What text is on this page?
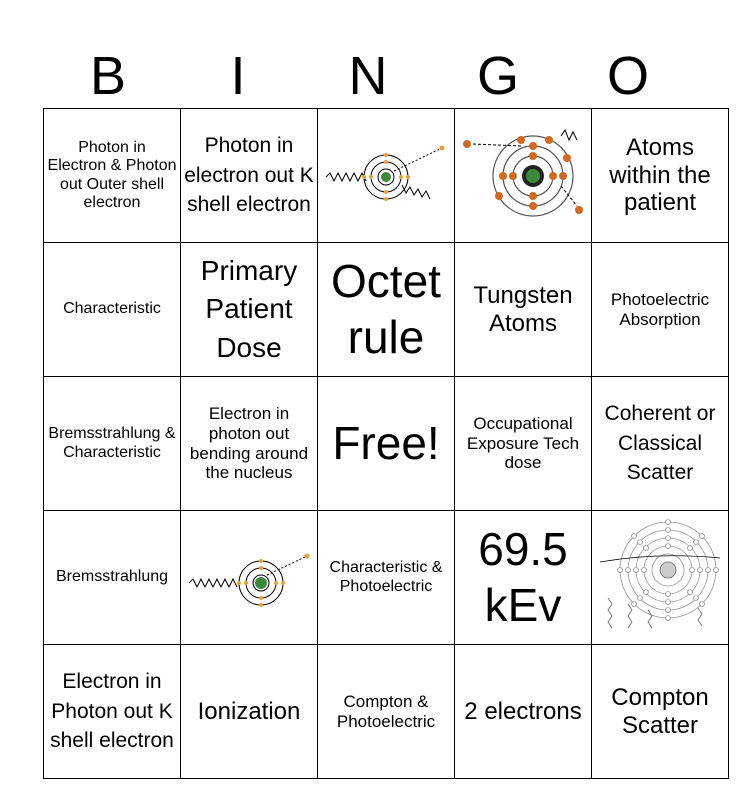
B	I	N	G	O
Photon in Electron & Photon out Outer shell electron	Photon in electron out K shell electron			Atoms within the patient
Characteristic	Primary Patient Dose	Octet rule	Tungsten Atoms	Photoelectric Absorption
Bremsstrahlung & Characteristic	Electron in photon out bending around the nucleus	Free!	Occupational Exposure Tech dose	Coherent or Classical Scatter
Bremsstrahlung		Characteristic & Photoelectric	69.5 kEv	

Electron in Photon out K shell electron	Ionization	Compton & Photoelectric	2 electrons	Compton Scatter
